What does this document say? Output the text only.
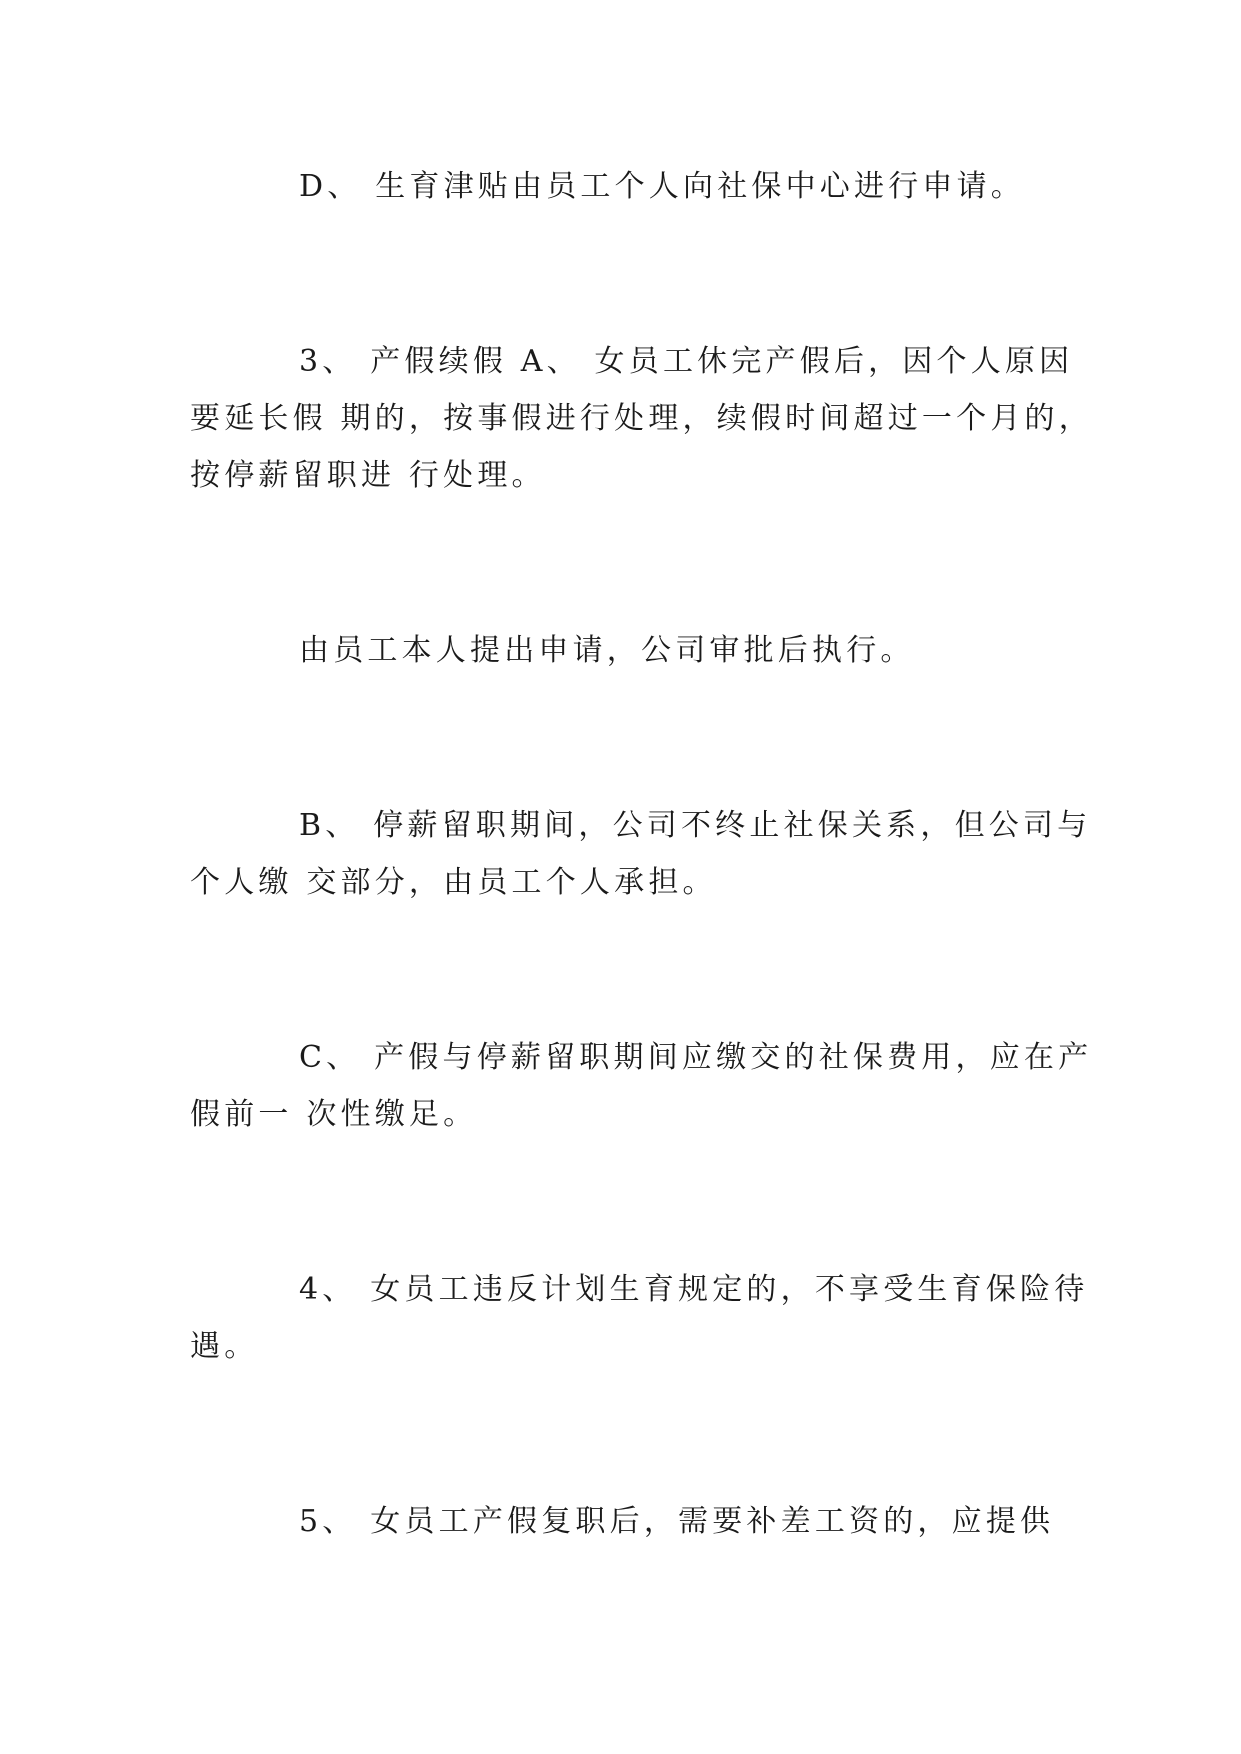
D、 生育津贴由员工个人向社保中心进行申请。
3、 产假续假 A、 女员工休完产假后，因个人原因
要延长假 期的，按事假进行处理，续假时间超过一个月的，
按停薪留职进 行处理。
由员工本人提出申请，公司审批后执行。
B、 停薪留职期间，公司不终止社保关系，但公司与
个人缴 交部分，由员工个人承担。
C、 产假与停薪留职期间应缴交的社保费用，应在产
假前一 次性缴足。
4、 女员工违反计划生育规定的，不享受生育保险待
遇。
5、 女员工产假复职后，需要补差工资的，应提供
